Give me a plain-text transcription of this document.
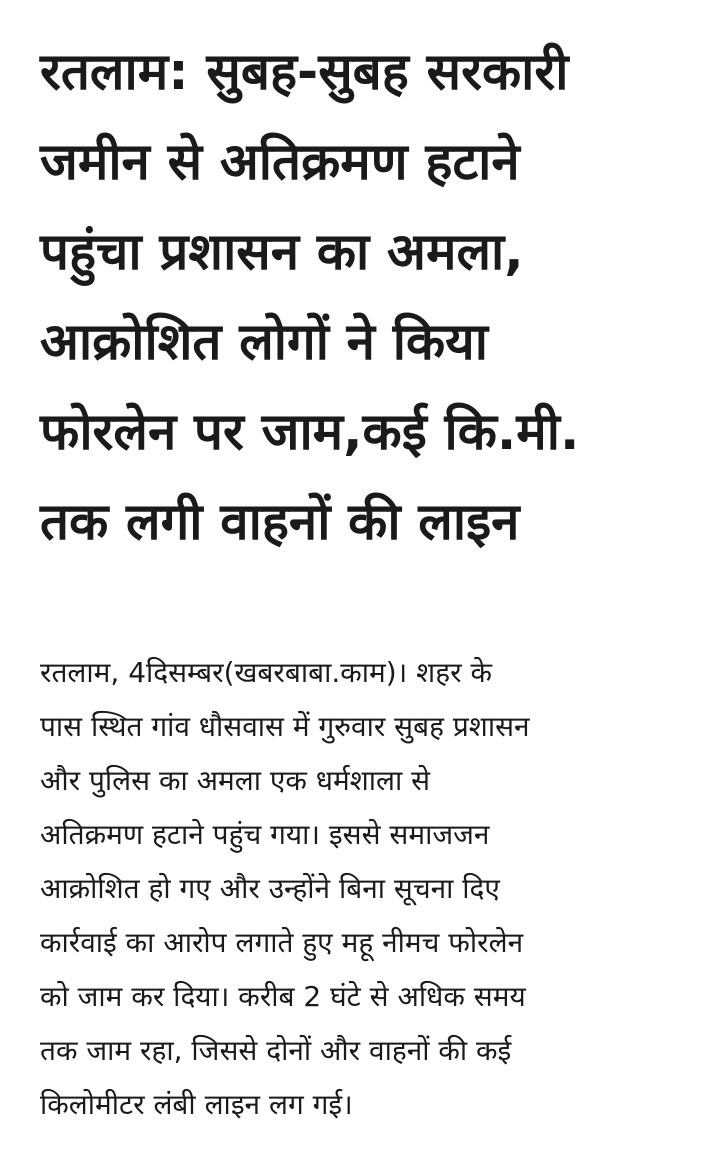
रतलाम: सुबह-सुबह सरकारी
जमीन से अतिक्रमण हटाने
पहुंचा प्रशासन का अमला,
आक्रोशित लोगों ने किया
फोरलेन पर जाम,कई कि.मी.
तक लगी वाहनों की लाइन

रतलाम, 4दिसम्बर(खबरबाबा.काम)। शहर के
पास स्थित गांव धौसवास में गुरुवार सुबह प्रशासन
और पुलिस का अमला एक धर्मशाला से
अतिक्रमण हटाने पहुंच गया। इससे समाजजन
आक्रोशित हो गए और उन्होंने बिना सूचना दिए
कार्रवाई का आरोप लगाते हुए महू नीमच फोरलेन
को जाम कर दिया। करीब 2 घंटे से अधिक समय
तक जाम रहा, जिससे दोनों और वाहनों की कई
किलोमीटर लंबी लाइन लग गई।
